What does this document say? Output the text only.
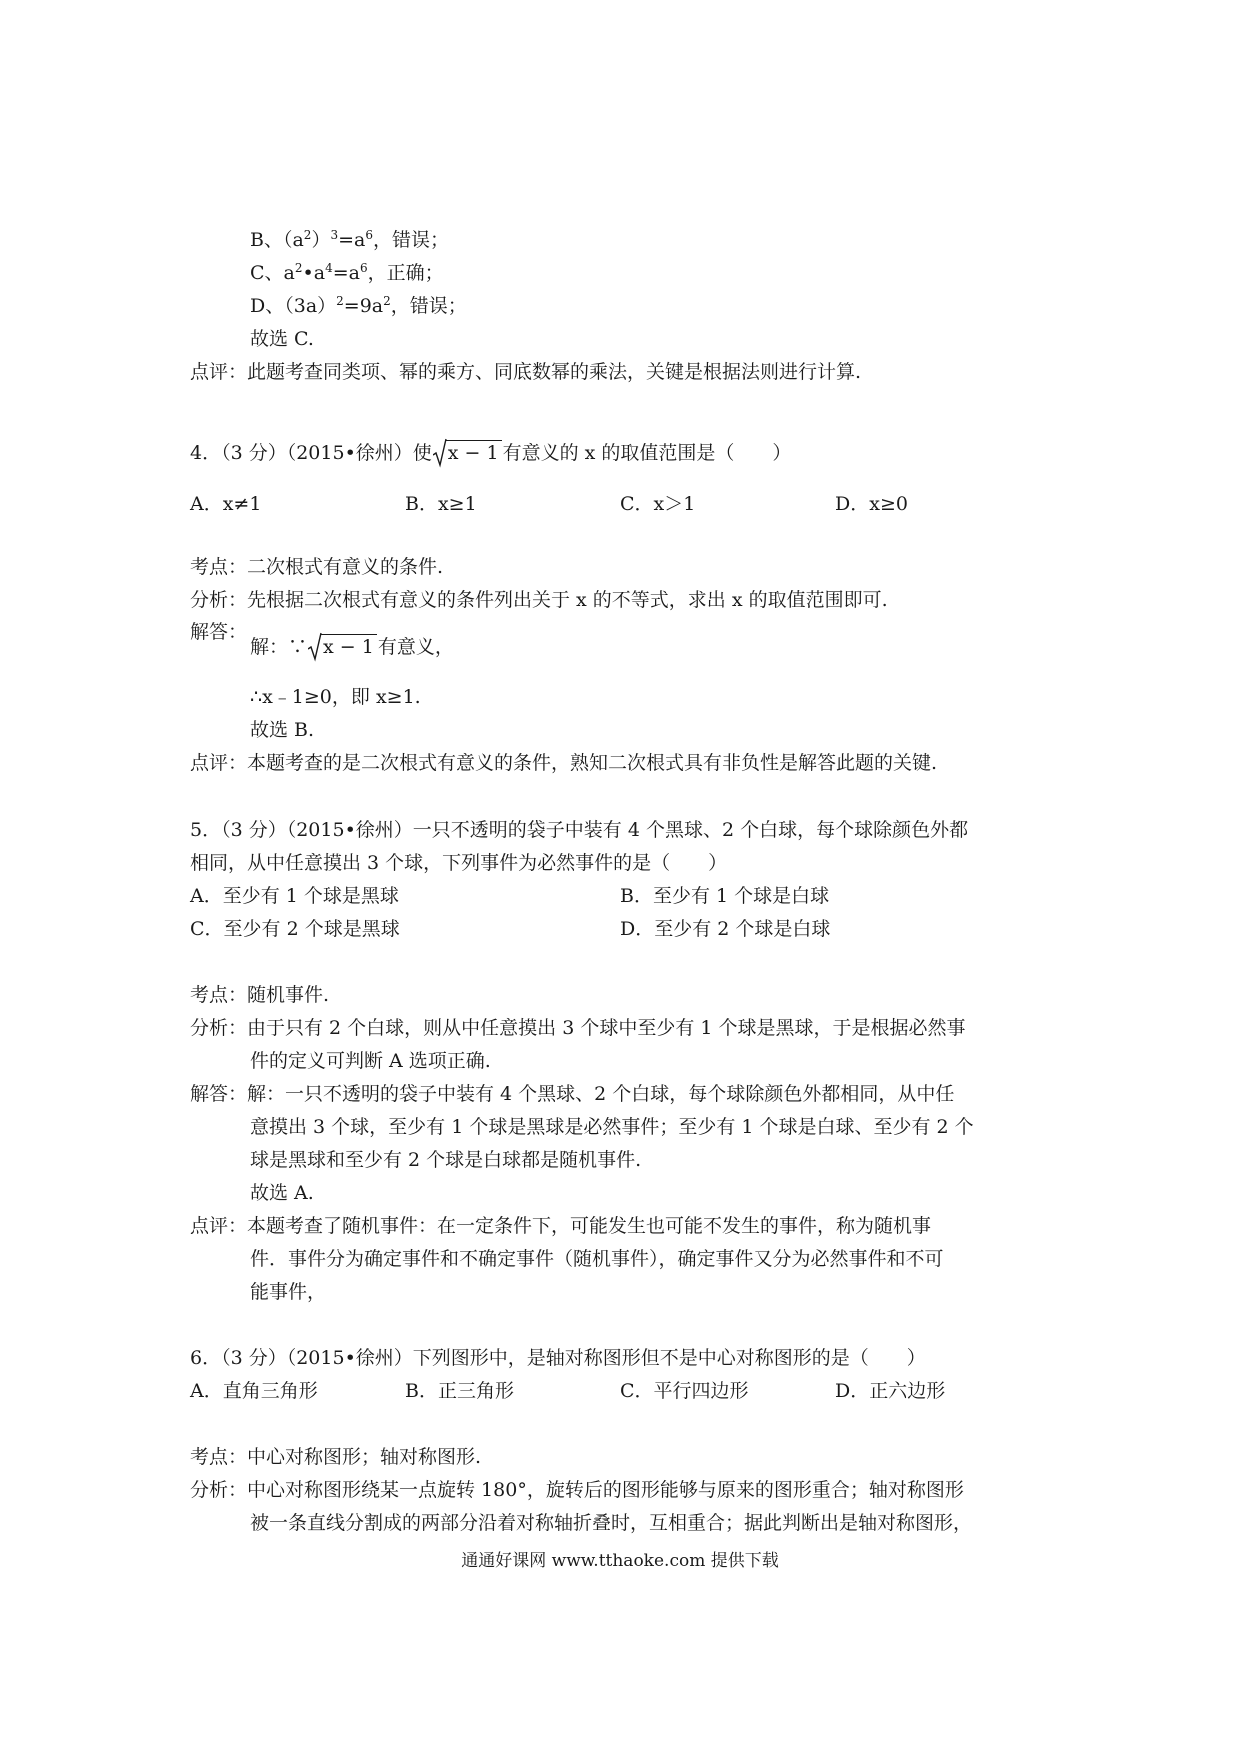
B、$(a^2)^3=a^6$，错误；
C、$a^2•a^4=a^6$，正确；
D、$(3a)^2=9a^2$，错误；
故选 C.
点评：此题考查同类项、幂的乘方、同底数幂的乘法，关键是根据法则进行计算.
4．（3 分）（2015•徐州）使 x − 1 有意义的 x 的取值范围是（　　）
A．x≠1	B．x≥1	C．x＞1	D．x≥0
考点：二次根式有意义的条件.
分析：先根据二次根式有意义的条件列出关于 x 的不等式，求出 x 的取值范围即可.
解答：
解：∵ x − 1 有意义，
∴x﹣1≥0，即 x≥1.
故选 B.
点评：本题考查的是二次根式有意义的条件，熟知二次根式具有非负性是解答此题的关键.
5．（3 分）（2015•徐州）一只不透明的袋子中装有 4 个黑球、2 个白球，每个球除颜色外都
相同，从中任意摸出 3 个球，下列事件为必然事件的是（　　）
A．至少有 1 个球是黑球	B．至少有 1 个球是白球
C．至少有 2 个球是黑球	D．至少有 2 个球是白球
考点：随机事件.
分析：由于只有 2 个白球，则从中任意摸出 3 个球中至少有 1 个球是黑球，于是根据必然事
件的定义可判断 A 选项正确.
解答：解：一只不透明的袋子中装有 4 个黑球、2 个白球，每个球除颜色外都相同，从中任
意摸出 3 个球，至少有 1 个球是黑球是必然事件；至少有 1 个球是白球、至少有 2 个
球是黑球和至少有 2 个球是白球都是随机事件.
故选 A.
点评：本题考查了随机事件：在一定条件下，可能发生也可能不发生的事件，称为随机事
件．事件分为确定事件和不确定事件（随机事件），确定事件又分为必然事件和不可
能事件，
6．（3 分）（2015•徐州）下列图形中，是轴对称图形但不是中心对称图形的是（　　）
A．直角三角形	B．正三角形	C．平行四边形	D．正六边形
考点：中心对称图形；轴对称图形.
分析：中心对称图形绕某一点旋转 180°，旋转后的图形能够与原来的图形重合；轴对称图形
被一条直线分割成的两部分沿着对称轴折叠时，互相重合；据此判断出是轴对称图形，
通通好课网 www.tthaoke.com 提供下载
